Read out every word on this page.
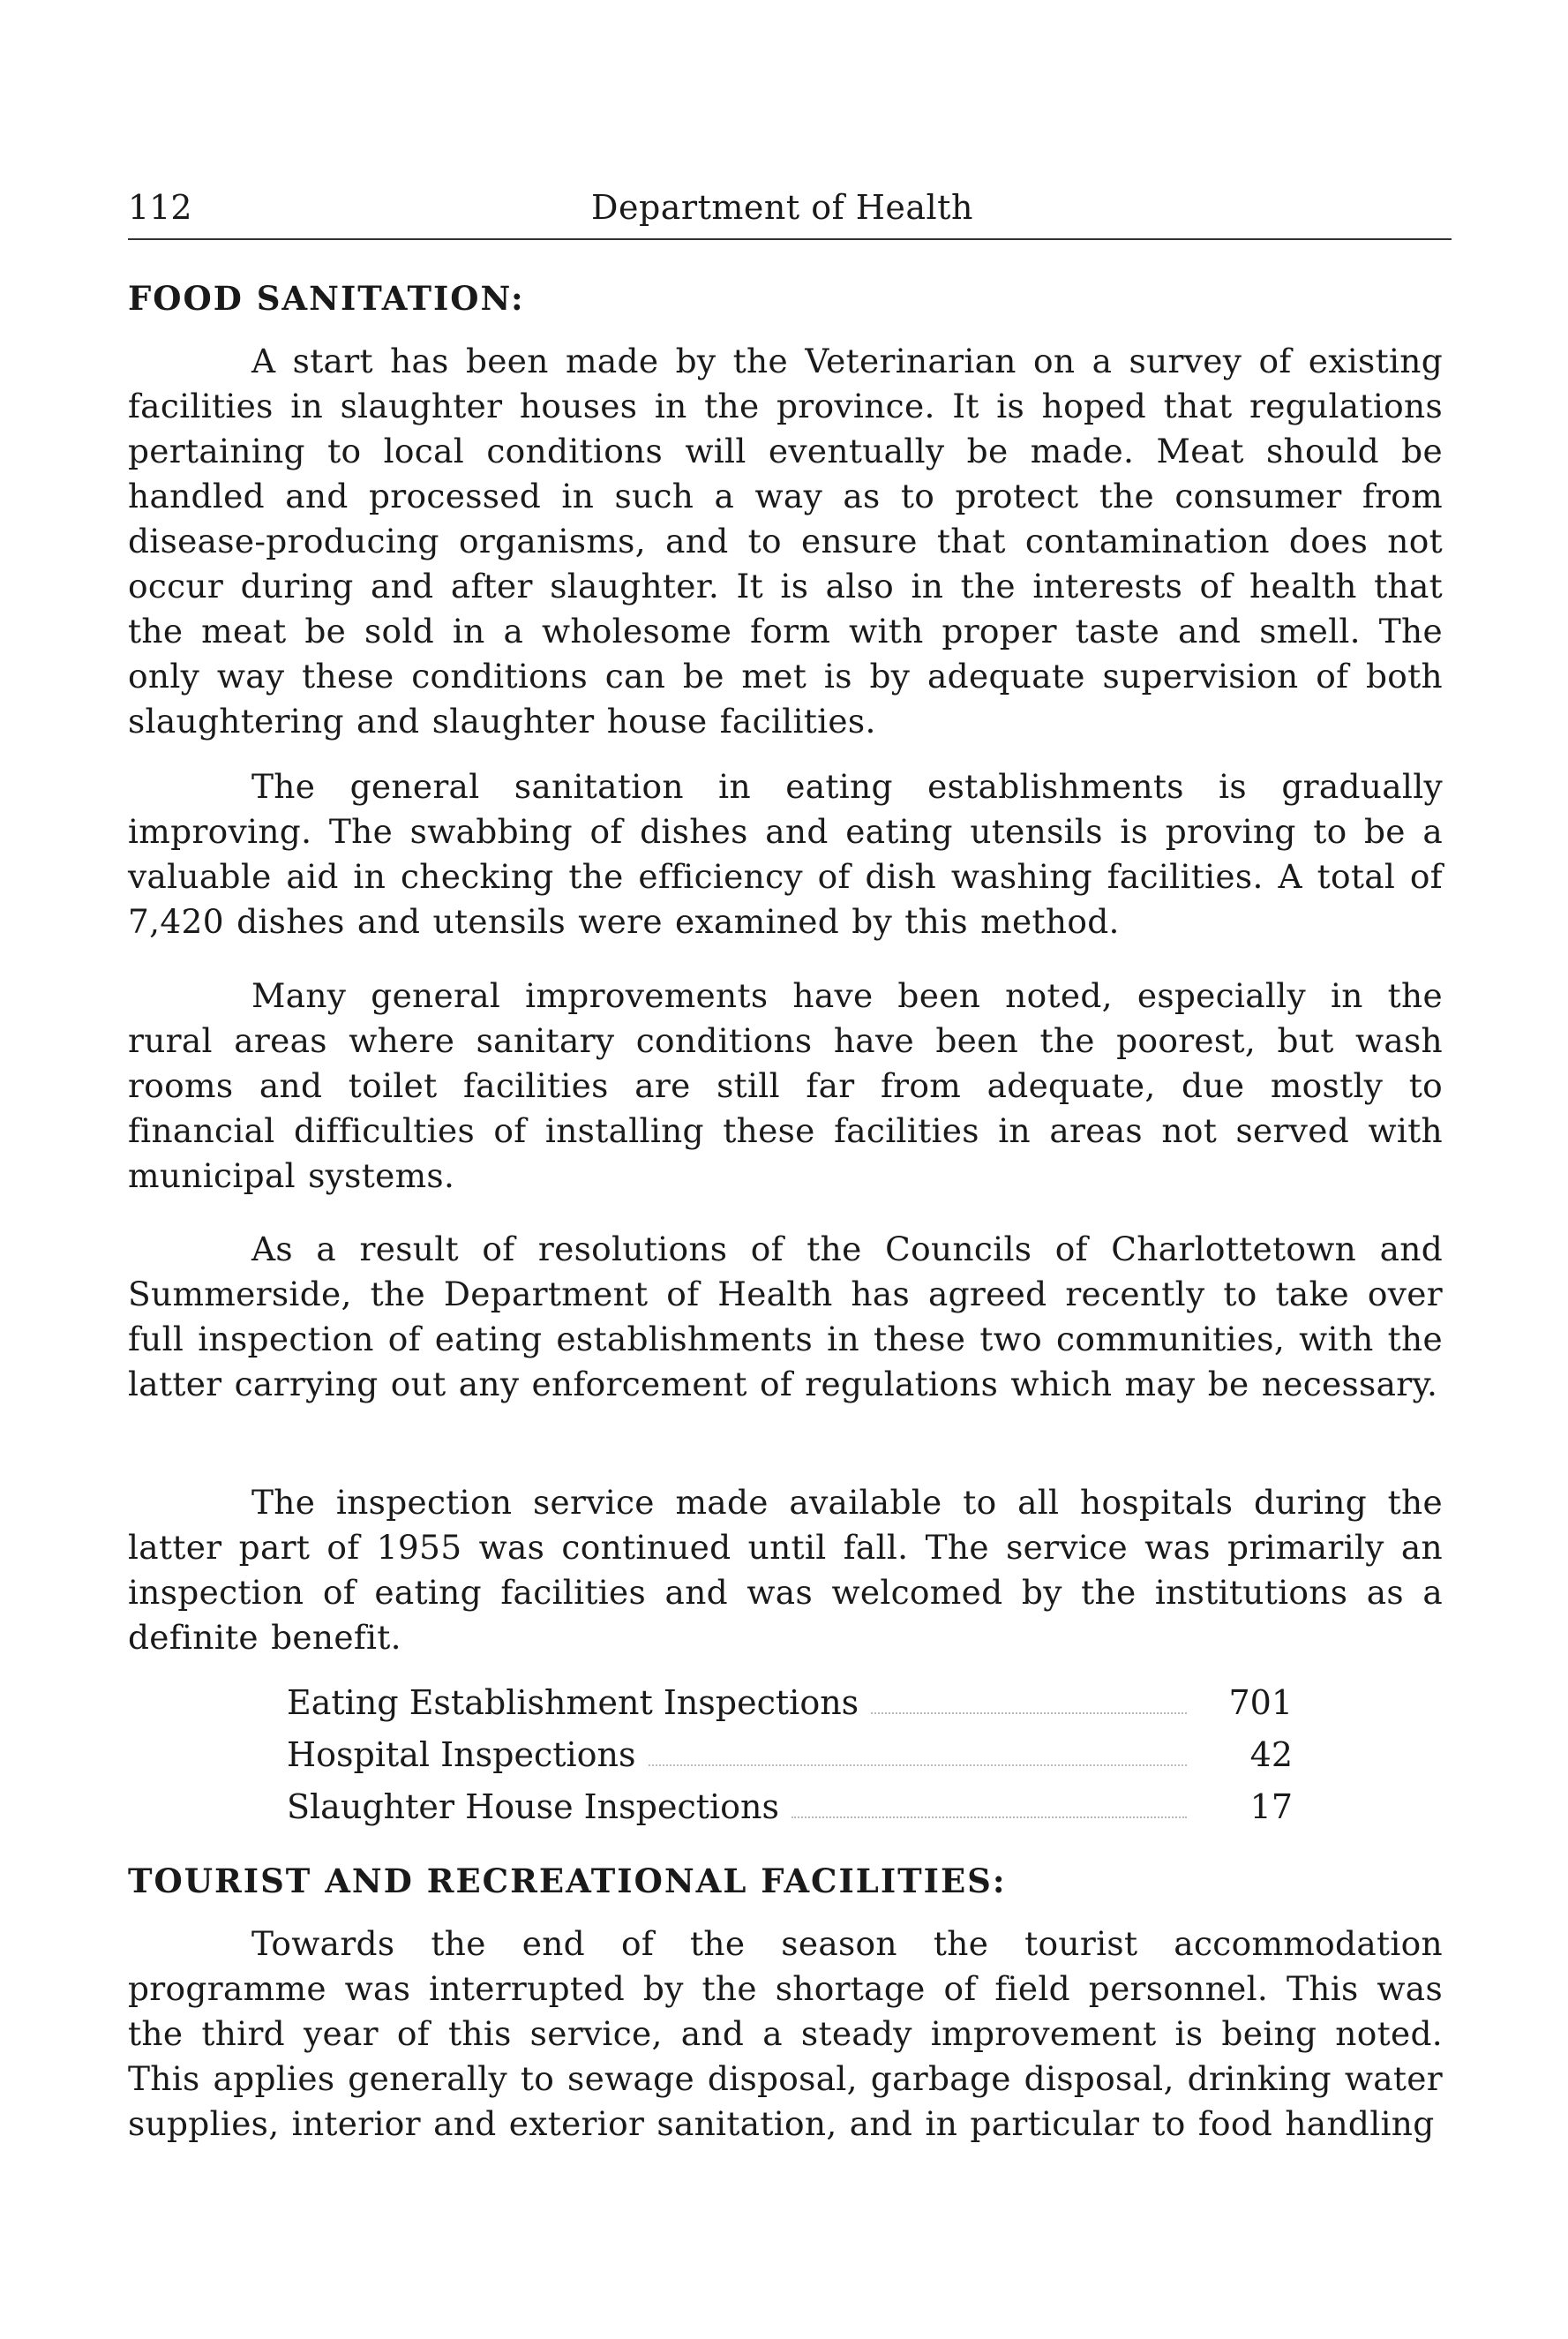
112	Department of Health
FOOD SANITATION:

A start has been made by the Veterinarian on a survey of existing facilities in slaughter houses in the province. It is hoped that regulations pertaining to local conditions will eventually be made. Meat should be handled and processed in such a way as to protect the consumer from disease-producing organisms, and to ensure that contamination does not occur during and after slaughter. It is also in the interests of health that the meat be sold in a wholesome form with proper taste and smell. The only way these conditions can be met is by adequate supervision of both slaughtering and slaughter house facilities.

The general sanitation in eating establishments is gradually improving. The swabbing of dishes and eating utensils is proving to be a valuable aid in checking the efficiency of dish washing facilities. A total of 7,420 dishes and utensils were examined by this method.

Many general improvements have been noted, especially in the rural areas where sanitary conditions have been the poorest, but wash rooms and toilet facilities are still far from adequate, due mostly to financial difficulties of installing these facilities in areas not served with municipal systems.

As a result of resolutions of the Councils of Charlottetown and Summerside, the Department of Health has agreed recently to take over full inspection of eating establishments in these two communities, with the latter carrying out any enforcement of regulations which may be necessary.

The inspection service made available to all hospitals during the latter part of 1955 was continued until fall. The service was primarily an inspection of eating facilities and was welcomed by the institutions as a definite benefit.

Eating Establishment Inspections	701
Hospital Inspections	42
Slaughter House Inspections	17
TOURIST AND RECREATIONAL FACILITIES:

Towards the end of the season the tourist accommodation programme was interrupted by the shortage of field personnel. This was the third year of this service, and a steady improvement is being noted. This applies generally to sewage disposal, garbage disposal, drinking water supplies, interior and exterior sanitation, and in particular to food handling
